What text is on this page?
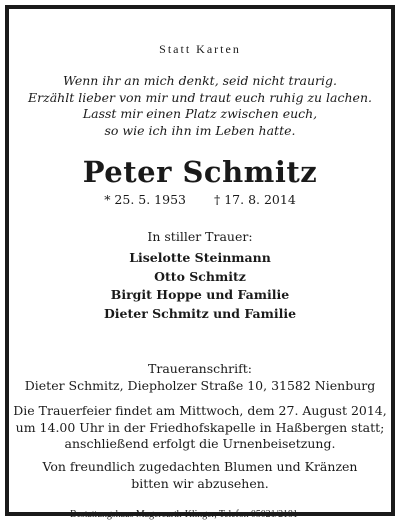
Statt Karten
Wenn ihr an mich denkt, seid nicht traurig.
Erzählt lieber von mir und traut euch ruhig zu lachen.
Lasst mir einen Platz zwischen euch,
so wie ich ihn im Leben hatte.
Peter Schmitz
* 25. 5. 1953 † 17. 8. 2014
In stiller Trauer:
Liselotte Steinmann
Otto Schmitz
Birgit Hoppe und Familie
Dieter Schmitz und Familie
Traueranschrift:
Dieter Schmitz, Diepholzer Straße 10, 31582 Nienburg
Die Trauerfeier findet am Mittwoch, dem 27. August 2014,
um 14.00 Uhr in der Friedhofskapelle in Haßbergen statt;
anschließend erfolgt die Urnenbeisetzung.
Von freundlich zugedachten Blumen und Kränzen
bitten wir abzusehen.
Bestattungshaus Magercurth-Klinger, Telefon 05021/2181
